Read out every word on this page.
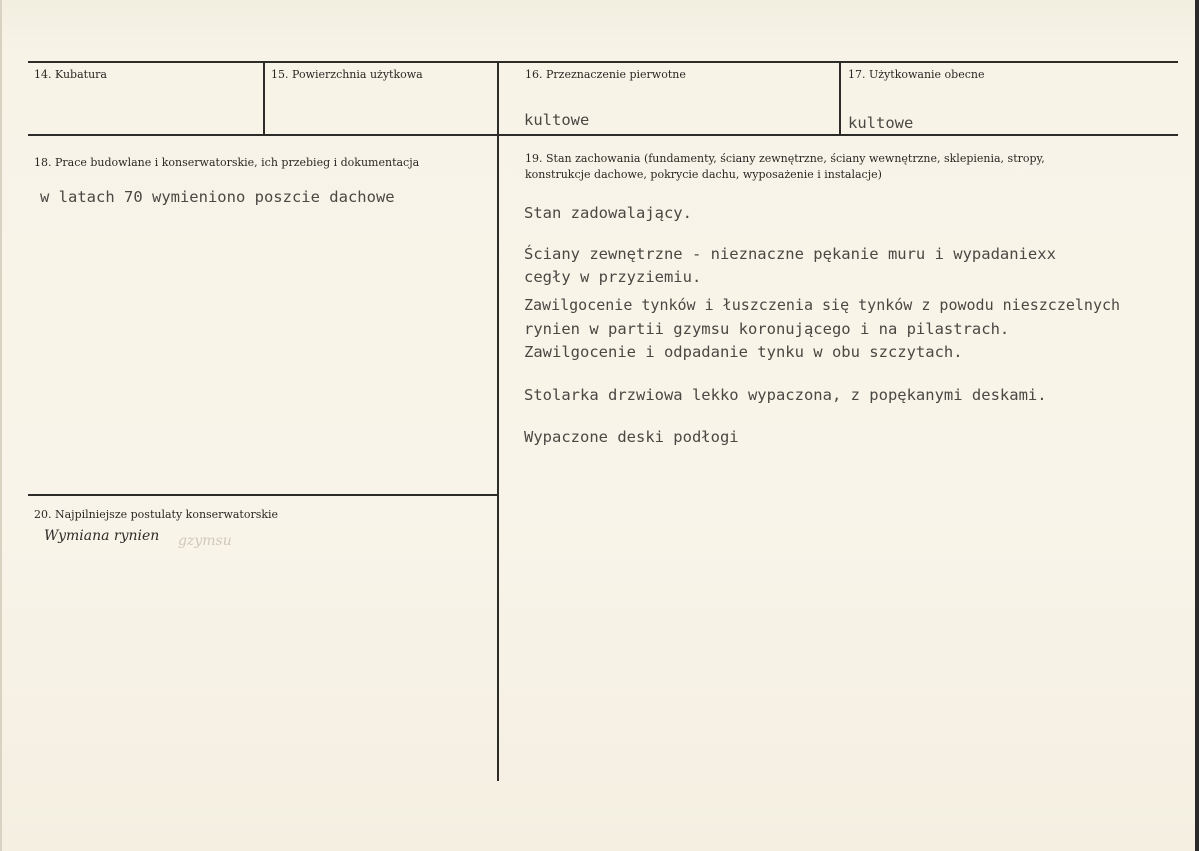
14. Kubatura	15. Powierzchnia użytkowa	16. Przeznaczenie pierwotne
kultowe
17. Użytkowanie obecne
kultowe
18. Prace budowlane i konserwatorskie, ich przebieg i dokumentacja
w latach 70 wymieniono poszcie dachowe
19. Stan zachowania (fundamenty, ściany zewnętrzne, ściany wewnętrzne, sklepienia, stropy,
konstrukcje dachowe, pokrycie dachu, wyposażenie i instalacje)
Stan zadowalający.
Ściany zewnętrzne - nieznaczne pękanie muru i wypadaniexx
cegły w przyziemiu.
Zawilgocenie tynków i łuszczenia się tynków z powodu nieszczelnych
rynien w partii gzymsu koronującego i na pilastrach.
Zawilgocenie i odpadanie tynku w obu szczytach.
Stolarka drzwiowa lekko wypaczona, z popękanymi deskami.
Wypaczone deski podłogi
20. Najpilniejsze postulaty konserwatorskie
Wymiana rynien gzymsu
